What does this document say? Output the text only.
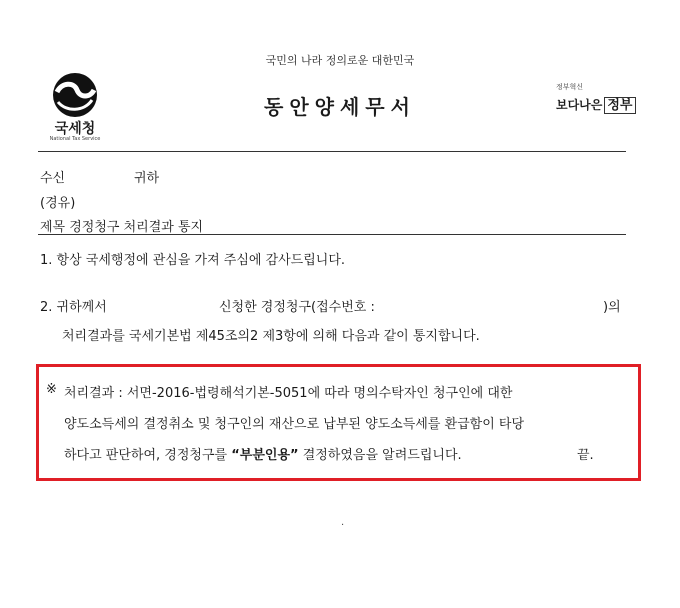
국민의 나라 정의로운 대한민국
국세청
National Tax Service
동안양세무서
정부혁신
보다나은 정부
수신	귀하
(경유)
제목 경정청구 처리결과 통지
1. 항상 국세행정에 관심을 가져 주심에 감사드립니다.
2. 귀하께서	신청한 경정청구(접수번호 :	)의
처리결과를 국세기본법 제45조의2 제3항에 의해 다음과 같이 통지합니다.
※ 처리결과 : 서면-2016-법령해석기본-5051에 따라 명의수탁자인 청구인에 대한
양도소득세의 결정취소 및 청구인의 재산으로 납부된 양도소득세를 환급함이 타당
하다고 판단하여, 경정청구를 “부분인용” 결정하였음을 알려드립니다.	끝.
.
